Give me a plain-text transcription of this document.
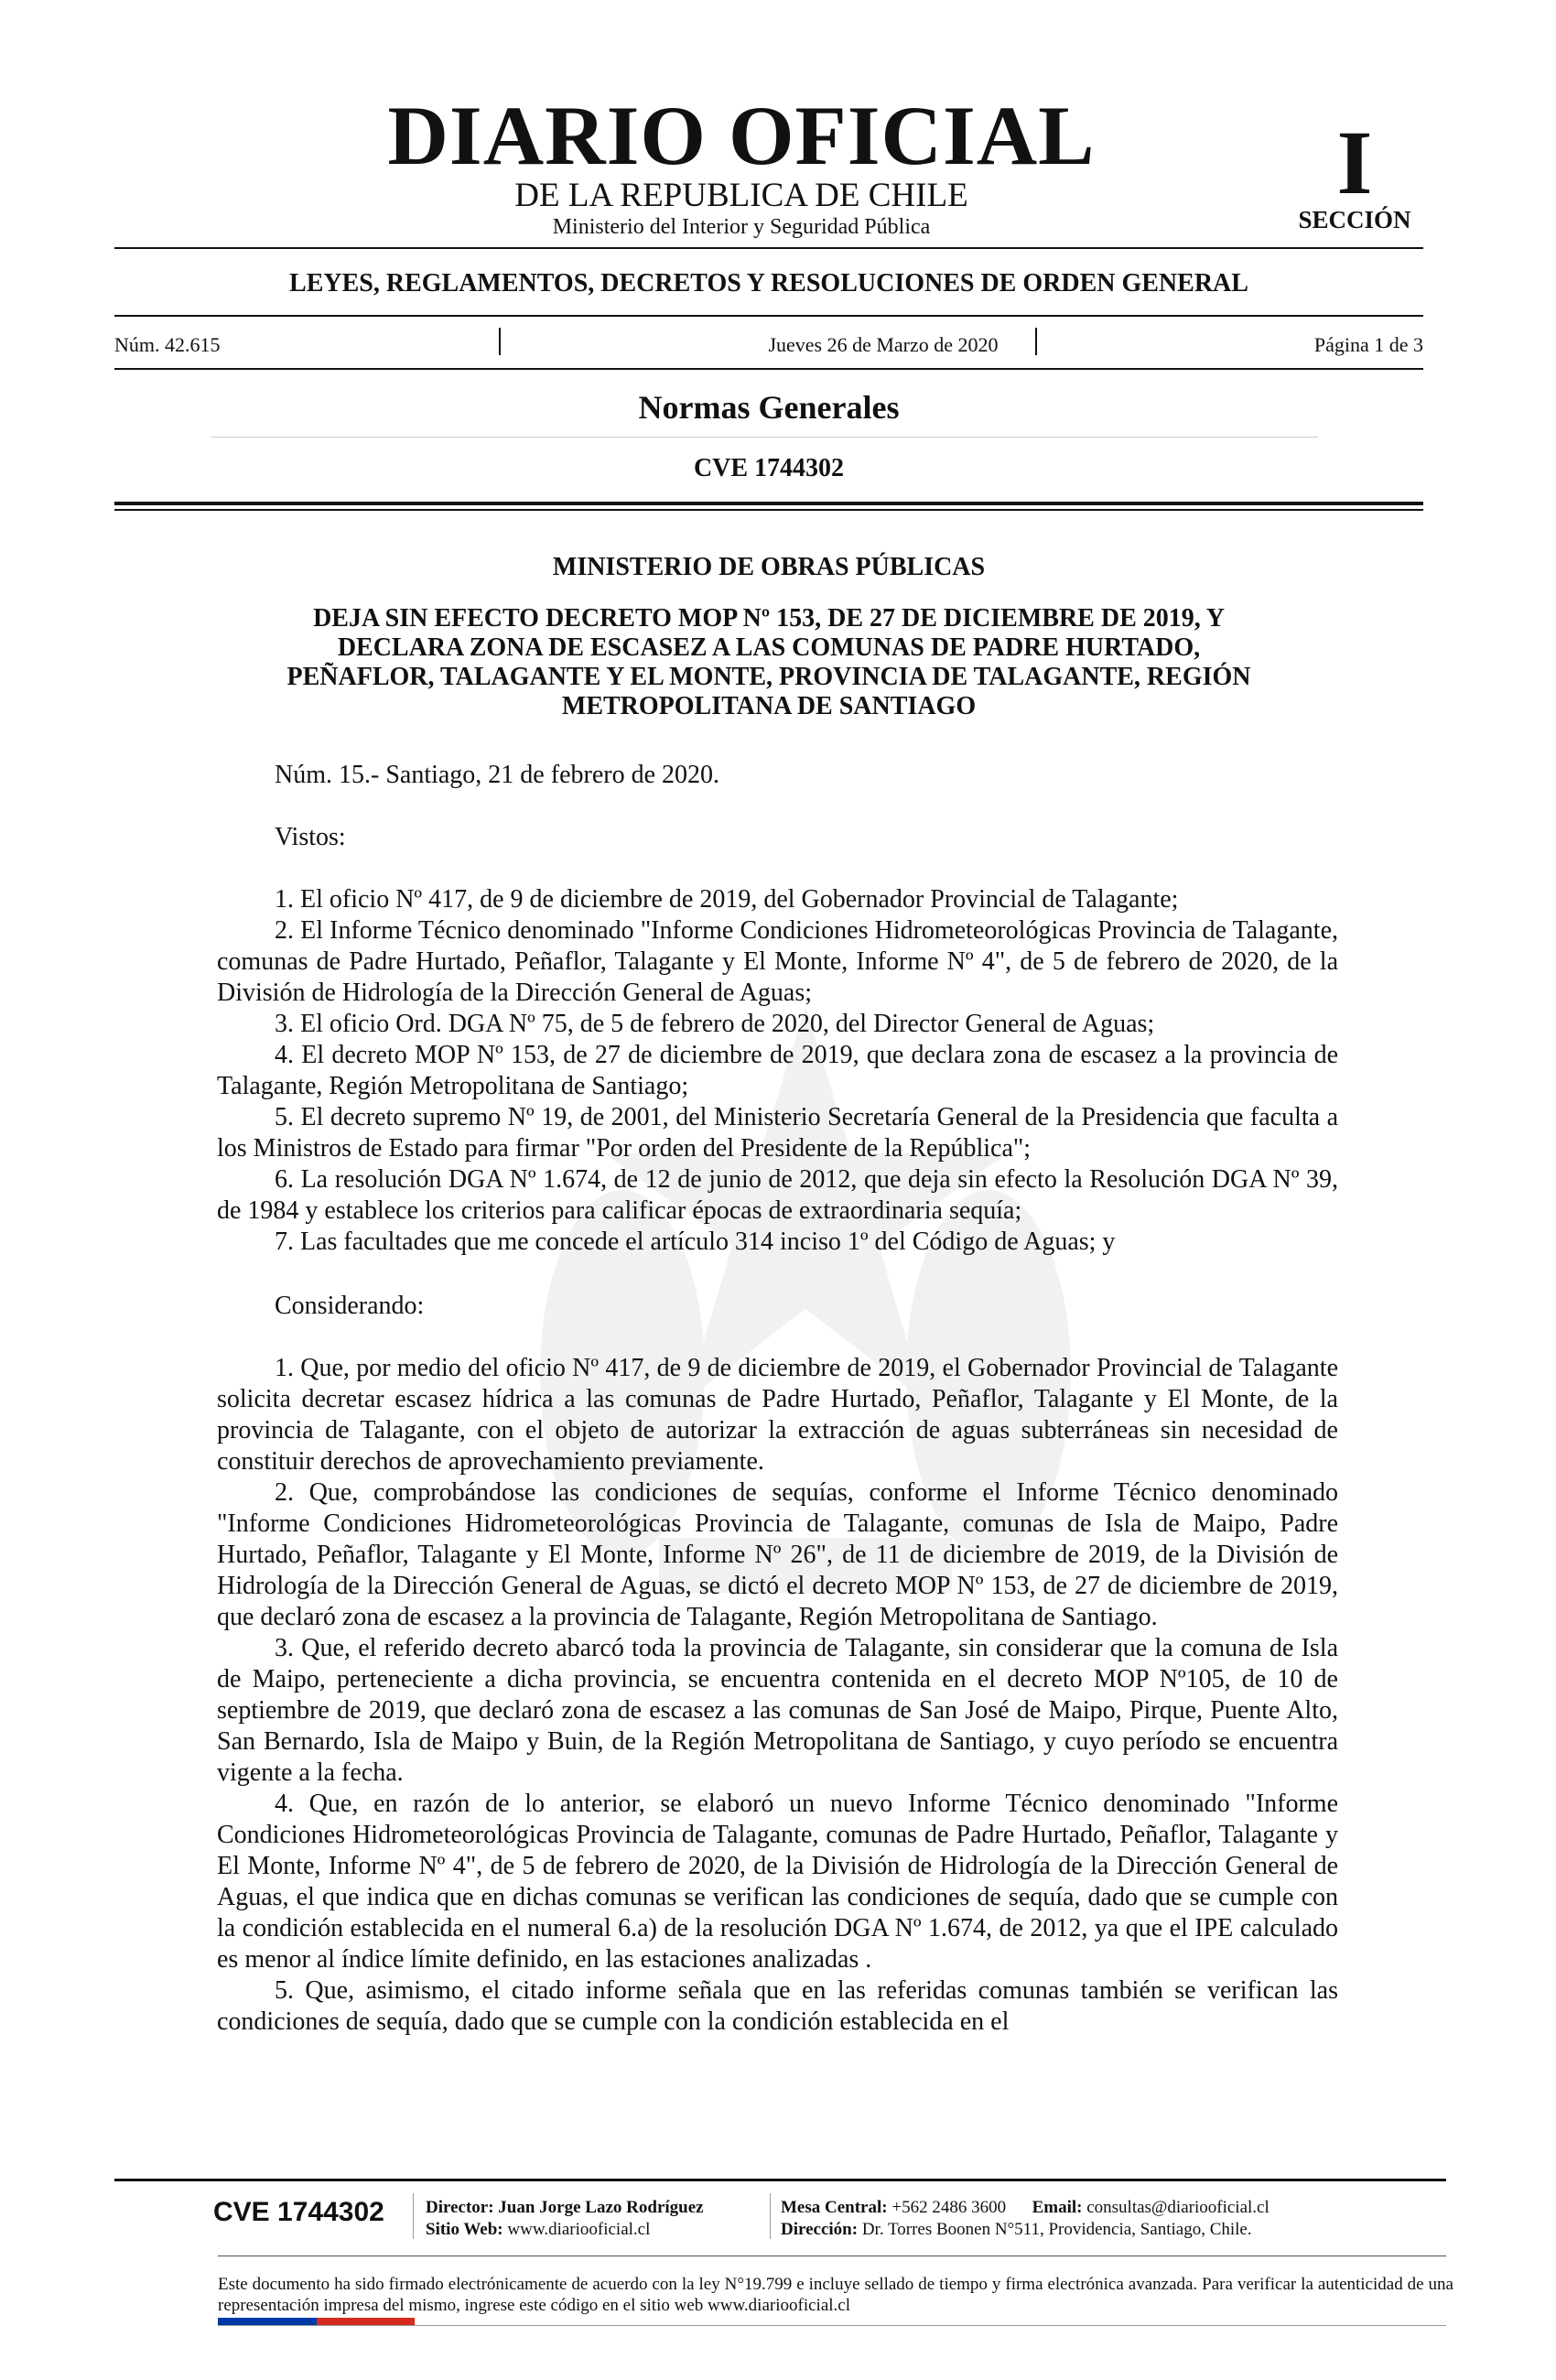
DIARIO OFICIAL
DE LA REPUBLICA DE CHILE
Ministerio del Interior y Seguridad Pública
I
SECCIÓN
LEYES, REGLAMENTOS, DECRETOS Y RESOLUCIONES DE ORDEN GENERAL
Núm. 42.615	Jueves 26 de Marzo de 2020	Página 1 de 3
Normas Generales
CVE 1744302
MINISTERIO DE OBRAS PÚBLICAS
DEJA SIN EFECTO DECRETO MOP Nº 153, DE 27 DE DICIEMBRE DE 2019, Y
DECLARA ZONA DE ESCASEZ A LAS COMUNAS DE PADRE HURTADO,
PEÑAFLOR, TALAGANTE Y EL MONTE, PROVINCIA DE TALAGANTE, REGIÓN
METROPOLITANA DE SANTIAGO
Núm. 15.- Santiago, 21 de febrero de 2020.
Vistos:

1. El oficio Nº 417, de 9 de diciembre de 2019, del Gobernador Provincial de Talagante;

2. El Informe Técnico denominado "Informe Condiciones Hidrometeorológicas Provincia de Talagante, comunas de Padre Hurtado, Peñaflor, Talagante y El Monte, Informe Nº 4", de 5 de febrero de 2020, de la División de Hidrología de la Dirección General de Aguas;

3. El oficio Ord. DGA Nº 75, de 5 de febrero de 2020, del Director General de Aguas;

4. El decreto MOP Nº 153, de 27 de diciembre de 2019, que declara zona de escasez a la provincia de Talagante, Región Metropolitana de Santiago;

5. El decreto supremo Nº 19, de 2001, del Ministerio Secretaría General de la Presidencia que faculta a los Ministros de Estado para firmar "Por orden del Presidente de la República";

6. La resolución DGA Nº 1.674, de 12 de junio de 2012, que deja sin efecto la Resolución DGA Nº 39, de 1984 y establece los criterios para calificar épocas de extraordinaria sequía;

7. Las facultades que me concede el artículo 314 inciso 1º del Código de Aguas; y

Considerando:

1. Que, por medio del oficio Nº 417, de 9 de diciembre de 2019, el Gobernador Provincial de Talagante solicita decretar escasez hídrica a las comunas de Padre Hurtado, Peñaflor, Talagante y El Monte, de la provincia de Talagante, con el objeto de autorizar la extracción de aguas subterráneas sin necesidad de constituir derechos de aprovechamiento previamente.

2. Que, comprobándose las condiciones de sequías, conforme el Informe Técnico denominado "Informe Condiciones Hidrometeorológicas Provincia de Talagante, comunas de Isla de Maipo, Padre Hurtado, Peñaflor, Talagante y El Monte, Informe Nº 26", de 11 de diciembre de 2019, de la División de Hidrología de la Dirección General de Aguas, se dictó el decreto MOP Nº 153, de 27 de diciembre de 2019, que declaró zona de escasez a la provincia de Talagante, Región Metropolitana de Santiago.

3. Que, el referido decreto abarcó toda la provincia de Talagante, sin considerar que la comuna de Isla de Maipo, perteneciente a dicha provincia, se encuentra contenida en el decreto MOP Nº105, de 10 de septiembre de 2019, que declaró zona de escasez a las comunas de San José de Maipo, Pirque, Puente Alto, San Bernardo, Isla de Maipo y Buin, de la Región Metropolitana de Santiago, y cuyo período se encuentra vigente a la fecha.

4. Que, en razón de lo anterior, se elaboró un nuevo Informe Técnico denominado "Informe Condiciones Hidrometeorológicas Provincia de Talagante, comunas de Padre Hurtado, Peñaflor, Talagante y El Monte, Informe Nº 4", de 5 de febrero de 2020, de la División de Hidrología de la Dirección General de Aguas, el que indica que en dichas comunas se verifican las condiciones de sequía, dado que se cumple con la condición establecida en el numeral 6.a) de la resolución DGA Nº 1.674, de 2012, ya que el IPE calculado es menor al índice límite definido, en las estaciones analizadas .

5. Que, asimismo, el citado informe señala que en las referidas comunas también se verifican las condiciones de sequía, dado que se cumple con la condición establecida en el

CVE 1744302 Director: Juan Jorge Lazo Rodríguez
Sitio Web: www.diariooficial.cl
Mesa Central: +562 2486 3600 Email: consultas@diariooficial.cl
Dirección: Dr. Torres Boonen N°511, Providencia, Santiago, Chile.
Este documento ha sido firmado electrónicamente de acuerdo con la ley N°19.799 e incluye sellado de tiempo y firma electrónica avanzada. Para verificar la autenticidad de una representación impresa del mismo, ingrese este código en el sitio web www.diariooficial.cl
